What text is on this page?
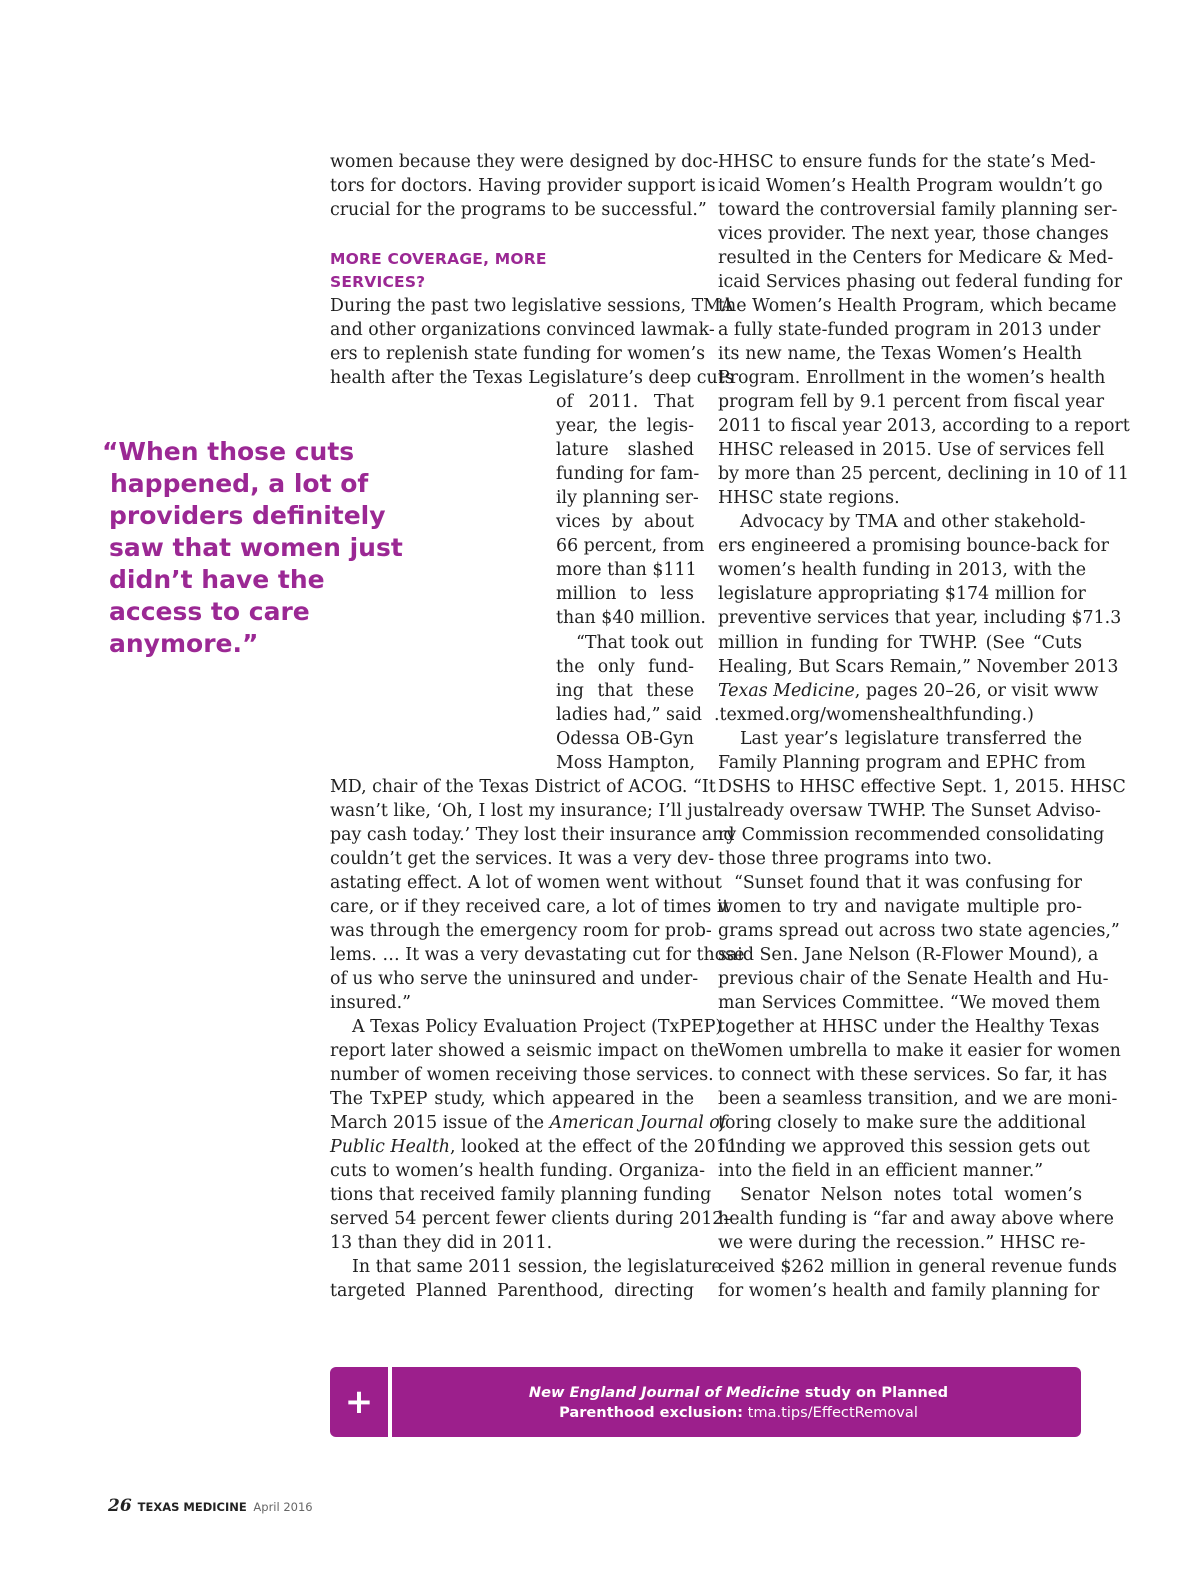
women because they were designed by doc-
tors for doctors. Having provider support is
crucial for the programs to be successful.”
MORE COVERAGE, MORE
SERVICES?
During the past two legislative sessions, TMA
and other organizations convinced lawmak-
ers to replenish state funding for women’s
health after the Texas Legislature’s deep cuts
of 2011. That
year, the legis-
lature slashed
funding for fam-
ily planning ser-
vices by about
66 percent, from
more than $111
million to less
than $40 million.
“That took out
the only fund-
ing that these
ladies had,” said
Odessa OB-Gyn
Moss Hampton,
MD, chair of the Texas District of ACOG. “It
wasn’t like, ‘Oh, I lost my insurance; I’ll just
pay cash today.’ They lost their insurance and
couldn’t get the services. It was a very dev-
astating effect. A lot of women went without
care, or if they received care, a lot of times it
was through the emergency room for prob-
lems. … It was a very devastating cut for those
of us who serve the uninsured and under-
insured.”
A Texas Policy Evaluation Project (TxPEP)
report later showed a seismic impact on the
number of women receiving those services.
The TxPEP study, which appeared in the
March 2015 issue of the American Journal of
Public Health, looked at the effect of the 2011
cuts to women’s health funding. Organiza-
tions that received family planning funding
served 54 percent fewer clients during 2012–
13 than they did in 2011.
In that same 2011 session, the legislature
targeted Planned Parenthood, directing
HHSC to ensure funds for the state’s Med-
icaid Women’s Health Program wouldn’t go
toward the controversial family planning ser-
vices provider. The next year, those changes
resulted in the Centers for Medicare & Med-
icaid Services phasing out federal funding for
the Women’s Health Program, which became
a fully state-funded program in 2013 under
its new name, the Texas Women’s Health
Program. Enrollment in the women’s health
program fell by 9.1 percent from fiscal year
2011 to fiscal year 2013, according to a report
HHSC released in 2015. Use of services fell
by more than 25 percent, declining in 10 of 11
HHSC state regions.
Advocacy by TMA and other stakehold-
ers engineered a promising bounce-back for
women’s health funding in 2013, with the
legislature appropriating $174 million for
preventive services that year, including $71.3
million in funding for TWHP. (See “Cuts
Healing, But Scars Remain,” November 2013
Texas Medicine, pages 20–26, or visit www
.texmed.org/womenshealthfunding.)
Last year’s legislature transferred the
Family Planning program and EPHC from
DSHS to HHSC effective Sept. 1, 2015. HHSC
already oversaw TWHP. The Sunset Adviso-
ry Commission recommended consolidating
those three programs into two.
“Sunset found that it was confusing for
women to try and navigate multiple pro-
grams spread out across two state agencies,”
said Sen. Jane Nelson (R-Flower Mound), a
previous chair of the Senate Health and Hu-
man Services Committee. “We moved them
together at HHSC under the Healthy Texas
Women umbrella to make it easier for women
to connect with these services. So far, it has
been a seamless transition, and we are moni-
toring closely to make sure the additional
funding we approved this session gets out
into the field in an efficient manner.”
Senator Nelson notes total women’s
health funding is “far and away above where
we were during the recession.” HHSC re-
ceived $262 million in general revenue funds
for women’s health and family planning for
“When those cuts
happened, a lot of
providers definitely
saw that women just
didn’t have the
access to care
anymore.”
+	New England Journal of Medicine study on Planned
Parenthood exclusion: tma.tips/EffectRemoval
26 TEXAS MEDICINE April 2016
